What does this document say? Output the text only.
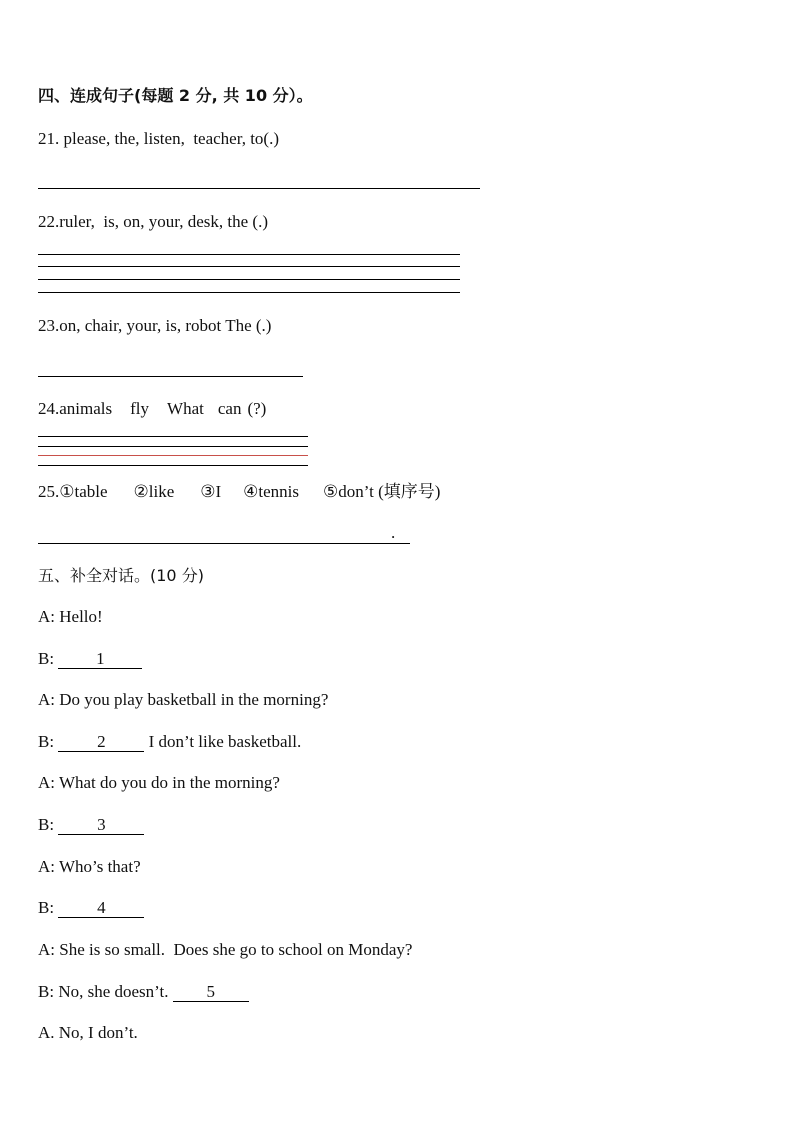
四、连成句子(每题 2 分, 共 10 分）。
21. please, the, listen,  teacher, to(.)
22.ruler,  is, on, your, desk, the (.)
23.on, chair, your, is, robot The (.)
24.animals fly What can (?)
25.①table ②like ③I ④tennis ⑤don’t (填序号)
.
五、补全对话。(10 分)
A: Hello!
B: 1
A: Do you play basketball in the morning?
B:	2 I don’t like basketball.
A: What do you do in the morning?
B:	3
A: Who’s that?
B:	4
A: She is so small.  Does she go to school on Monday?
B: No, she doesn’t. 5
A. No, I don’t.
